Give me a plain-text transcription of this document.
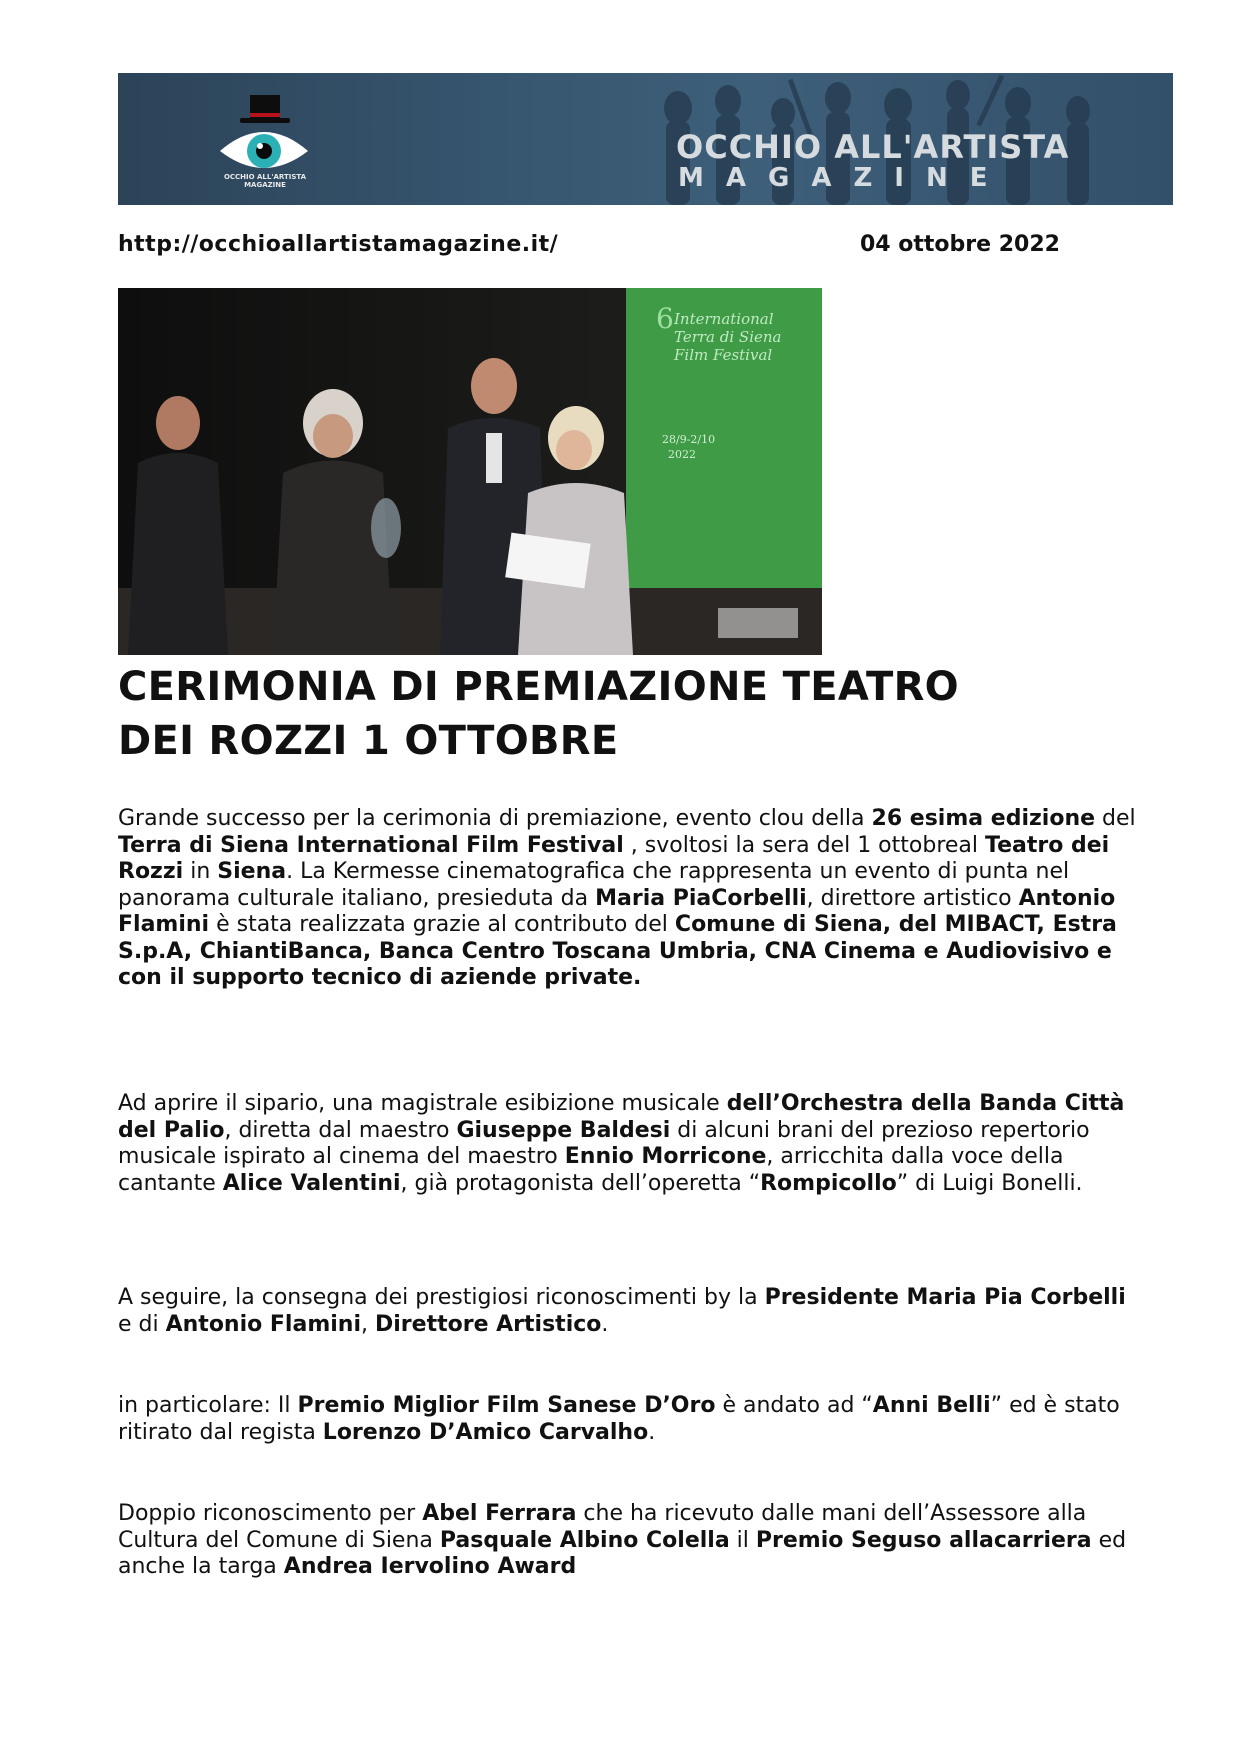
OCCHIO ALL'ARTISTA
MAGAZINE
OCCHIO ALL'ARTISTA
MAGAZINE
http://occhioallartistamagazine.it/	04 ottobre 2022
6 International
Terra di Siena
Film Festival
28/9-2/10
2022
CERIMONIA DI PREMIAZIONE TEATRO
DEI ROZZI 1 OTTOBRE

Grande successo per la cerimonia di premiazione, evento clou della 26 esima edizione del Terra di Siena International Film Festival , svoltosi la sera del 1 ottobreal Teatro dei Rozzi in Siena. La Kermesse cinematografica che rappresenta un evento di punta nel panorama culturale italiano, presieduta da Maria PiaCorbelli, direttore artistico Antonio Flamini è stata realizzata grazie al contributo del Comune di Siena, del MIBACT, Estra S.p.A, ChiantiBanca, Banca Centro Toscana Umbria, CNA Cinema e Audiovisivo e con il supporto tecnico di aziende private.

Ad aprire il sipario, una magistrale esibizione musicale dell’Orchestra della Banda Città del Palio, diretta dal maestro Giuseppe Baldesi di alcuni brani del prezioso repertorio musicale ispirato al cinema del maestro Ennio Morricone, arricchita dalla voce della cantante Alice Valentini, già protagonista dell’operetta “Rompicollo” di Luigi Bonelli.

A seguire, la consegna dei prestigiosi riconoscimenti by la Presidente Maria Pia Corbelli e di Antonio Flamini, Direttore Artistico.

in particolare: Il Premio Miglior Film Sanese D’Oro è andato ad “Anni Belli” ed è stato ritirato dal regista Lorenzo D’Amico Carvalho.

Doppio riconoscimento per Abel Ferrara che ha ricevuto dalle mani dell’Assessore alla Cultura del Comune di Siena Pasquale Albino Colella il Premio Seguso allacarriera ed anche la targa Andrea Iervolino Award
